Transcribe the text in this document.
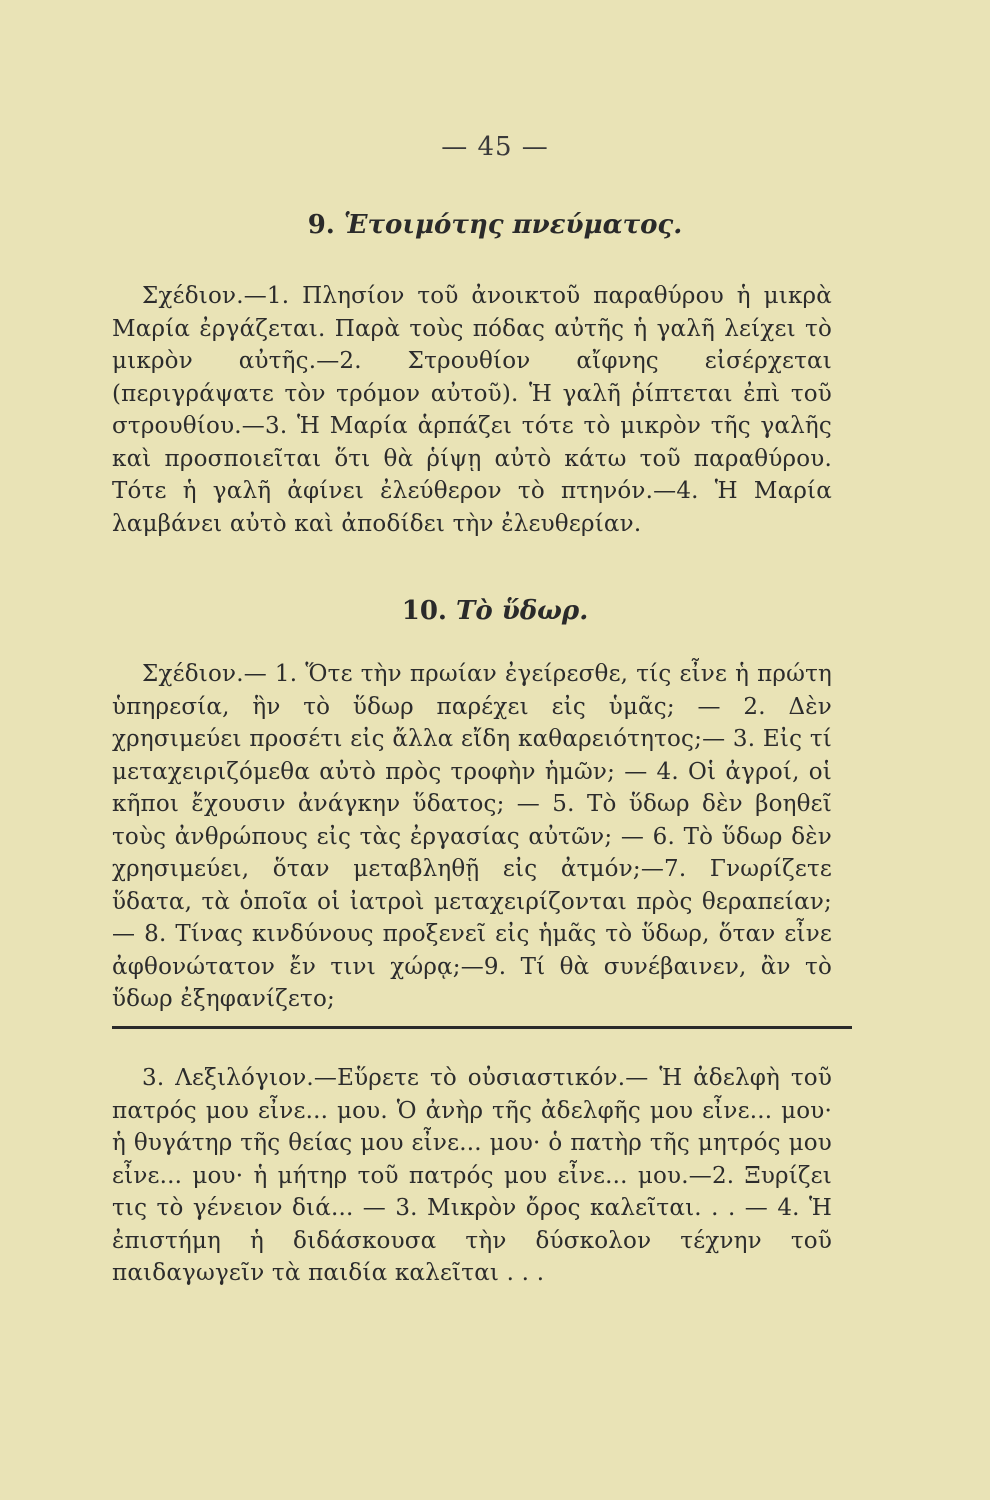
— 45 —
9. Ἑτοιμότης πνεύματος.
Σχέδιον.—1. Πλησίον τοῦ ἀνοικτοῦ παραθύρου ἡ μικρὰ Μαρία ἐργάζεται. Παρὰ τοὺς πόδας αὐτῆς ἡ γαλῆ λείχει τὸ μικρὸν αὐτῆς.—2. Στρουθίον αἴφνης εἰσέρχεται (περιγράψατε τὸν τρόμον αὐτοῦ). Ἡ γαλῆ ῥίπτεται ἐπὶ τοῦ στρουθίου.—3. Ἡ Μαρία ἁρπάζει τότε τὸ μικρὸν τῆς γαλῆς καὶ προσποιεῖται ὅτι θὰ ῥίψῃ αὐτὸ κάτω τοῦ παραθύρου. Τότε ἡ γαλῆ ἀφίνει ἐλεύθερον τὸ πτηνόν.—4. Ἡ Μαρία λαμβάνει αὐτὸ καὶ ἀποδίδει τὴν ἐλευθερίαν.
10. Τὸ ὕδωρ.
Σχέδιον.— 1. Ὅτε τὴν πρωίαν ἐγείρεσθε, τίς εἶνε ἡ πρώτη ὑπηρεσία, ἣν τὸ ὕδωρ παρέχει εἰς ὑμᾶς; — 2. Δὲν χρησιμεύει προσέτι εἰς ἄλλα εἴδη καθαρειότητος;— 3. Εἰς τί μεταχειριζόμεθα αὐτὸ πρὸς τροφὴν ἡμῶν; — 4. Οἱ ἀγροί, οἱ κῆποι ἔχουσιν ἀνάγκην ὕδατος; — 5. Τὸ ὕδωρ δὲν βοηθεῖ τοὺς ἀνθρώπους εἰς τὰς ἐργασίας αὐτῶν; — 6. Τὸ ὕδωρ δὲν χρησιμεύει, ὅταν μεταβληθῇ εἰς ἀτμόν;—7. Γνωρίζετε ὕδατα, τὰ ὁποῖα οἱ ἰατροὶ μεταχειρίζονται πρὸς θεραπείαν; — 8. Τίνας κινδύνους προξενεῖ εἰς ἡμᾶς τὸ ὕδωρ, ὅταν εἶνε ἀφθονώτατον ἔν τινι χώρᾳ;—9. Τί θὰ συνέβαινεν, ἂν τὸ ὕδωρ ἐξηφανίζετο;
3. Λεξιλόγιον.—Εὕρετε τὸ οὐσιαστικόν.— Ἡ ἀδελφὴ τοῦ πατρός μου εἶνε... μου. Ὁ ἀνὴρ τῆς ἀδελφῆς μου εἶνε... μου· ἡ θυγάτηρ τῆς θείας μου εἶνε... μου· ὁ πατὴρ τῆς μητρός μου εἶνε... μου· ἡ μήτηρ τοῦ πατρός μου εἶνε... μου.—2. Ξυρίζει τις τὸ γένειον διά... — 3. Μικρὸν ὄρος καλεῖται. . . — 4. Ἡ ἐπιστήμη ἡ διδάσκουσα τὴν δύσκολον τέχνην τοῦ παιδαγωγεῖν τὰ παιδία καλεῖται . . .
